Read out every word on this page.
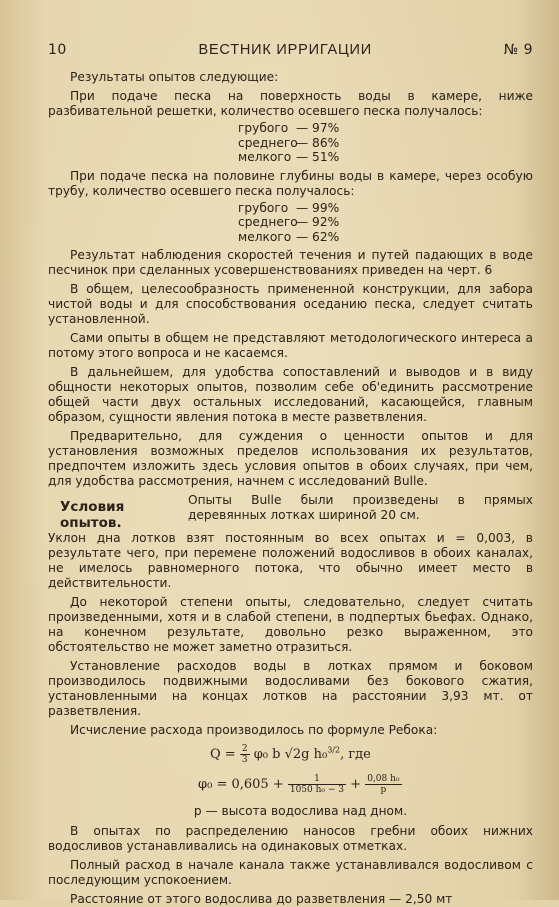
10	ВЕСТНИК ИРРИГАЦИИ	№ 9

Результаты опытов следующие:

При подаче песка на поверхность воды в камере, ниже разбивательной решетки, количество осевшего песка получалось:

грубого — 97%
среднего
— 86%
мелкого — 51%

При подаче песка на половине глубины воды в камере, через особую трубу, количество осевшего песка получалось:

грубого — 99%
среднего
— 92%
мелкого — 62%

Результат наблюдения скоростей течения и путей падающих в воде песчинок при сделанных усовершенствованиях приведен на черт. 6

В общем, целесообразность примененной конструкции, для забора чистой воды и для способствования оседанию песка, следует считать установленной.

Сами опыты в общем не представляют методологического интереса а потому этого вопроса и не касаемся.

В дальнейшем, для удобства сопоставлений и выводов и в виду общности некоторых опытов, позволим себе об'единить рассмотрение общей части двух остальных исследований, касающейся, главным образом, сущности явления потока в месте разветвления.

Предварительно, для суждения о ценности опытов и для установления возможных пределов использования их результатов, предпочтем изложить здесь условия опытов в обоих случаях, при чем, для удобства рассмотрения, начнем с исследований Bulle.

Условия опытов.
Опыты Bulle были произведены в прямых деревянных лотках шириной 20 см.

Уклон дна лотков взят постоянным во всех опытах и = 0,003, в результате чего, при перемене положений водосливов в обоих каналах, не имелось равномерного потока, что обычно имеет место в действительности.

До некоторой степени опыты, следовательно, следует считать произведенными, хотя и в слабой степени, в подпертых бьефах. Однако, на конечном результате, довольно резко выраженном, это обстоятельство не может заметно отразиться.

Установление расходов воды в лотках прямом и боковом производилось подвижными водосливами без бокового сжатия, установленными на концах лотков на расстоянии 3,93 мт. от разветвления.

Исчисление расхода производилось по формуле Ребока:

$Q = \frac{2}{3} \varphi_0$ b √2g h₀$^{3/2}$, где
$\varphi_0 = 0,605 + \frac{1}{\text{1050 h₀ − 3}} + \frac{\text{0,08 h₀}}{p}$
p — высота водослива над дном.

В опытах по распределению наносов гребни обоих нижних водосливов устанавливались на одинаковых отметках.

Полный расход в начале канала также устанавливался водосливом с последующим успокоением.

Расстояние от этого водослива до разветвления — 2,50 мт
